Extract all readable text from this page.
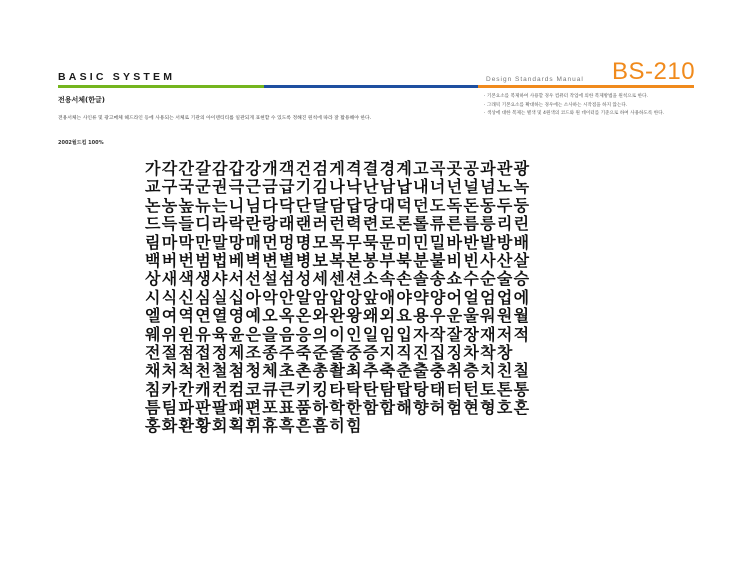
BASIC SYSTEM	Design Standards Manual BS-210
전용서체(한글)
전용서체는 사인류 및 광고매체 헤드라인 등에 사용되는 서체로 기관의 아이덴티티를 일관되게 표현할 수 있도록 정해진 원칙에 따라 잘 활용해야 한다.
2002월드컵 100%
· 기본요소를 복제하여 사용할 경우 컴퓨터 작업에 의한 복제방법을 원칙으로 한다.
· 그래픽 기본요소를 확대하는 경우에는 소사하는 시작점을 하지 않는다.
· 색상에 대한 복제는 별색 및 4원색의 코드와 원 데이터를 기준으로 하여 사용하도록 한다.
가각간갈감갑강개객건검게격결경계고곡곳공과관광
교구국군권극근금급기김나낙난남납내너넌널넘노녹
논농높뉴는니님다닥단달담답당대덕던도독돈동두둥
드득들디라락란랑래랜러런력련로론롤류른름릉리린
림마막만말망매먼멍명모목무묵문미민밀바반발방배
백버번범법베벽변별병보복본봉부북분불비빈사산살
상새색생샤서선설섬성세센션소속손솔송쇼수순술승
시식신심실십아악안알암압앙앞애야약양어얼엄업에
엘여역연열영예오옥온와완왕왜외요용우운울워원월
웨위윈유육윤은을음응의이인일임입자작잘장재저적
전절점접정제조종주죽준줄중증지직진집징차착창
채처척천철첨청체초촌총촬최추축춘출충취층치친칠
침카칸캐컨컴코큐큰키킹타탁탄탐탑탕태터턴토톤통
틈팀파판팔패편포표품하학한함합해향허험현형호혼
홍화환황회획휘휴흑흔흠히힘
